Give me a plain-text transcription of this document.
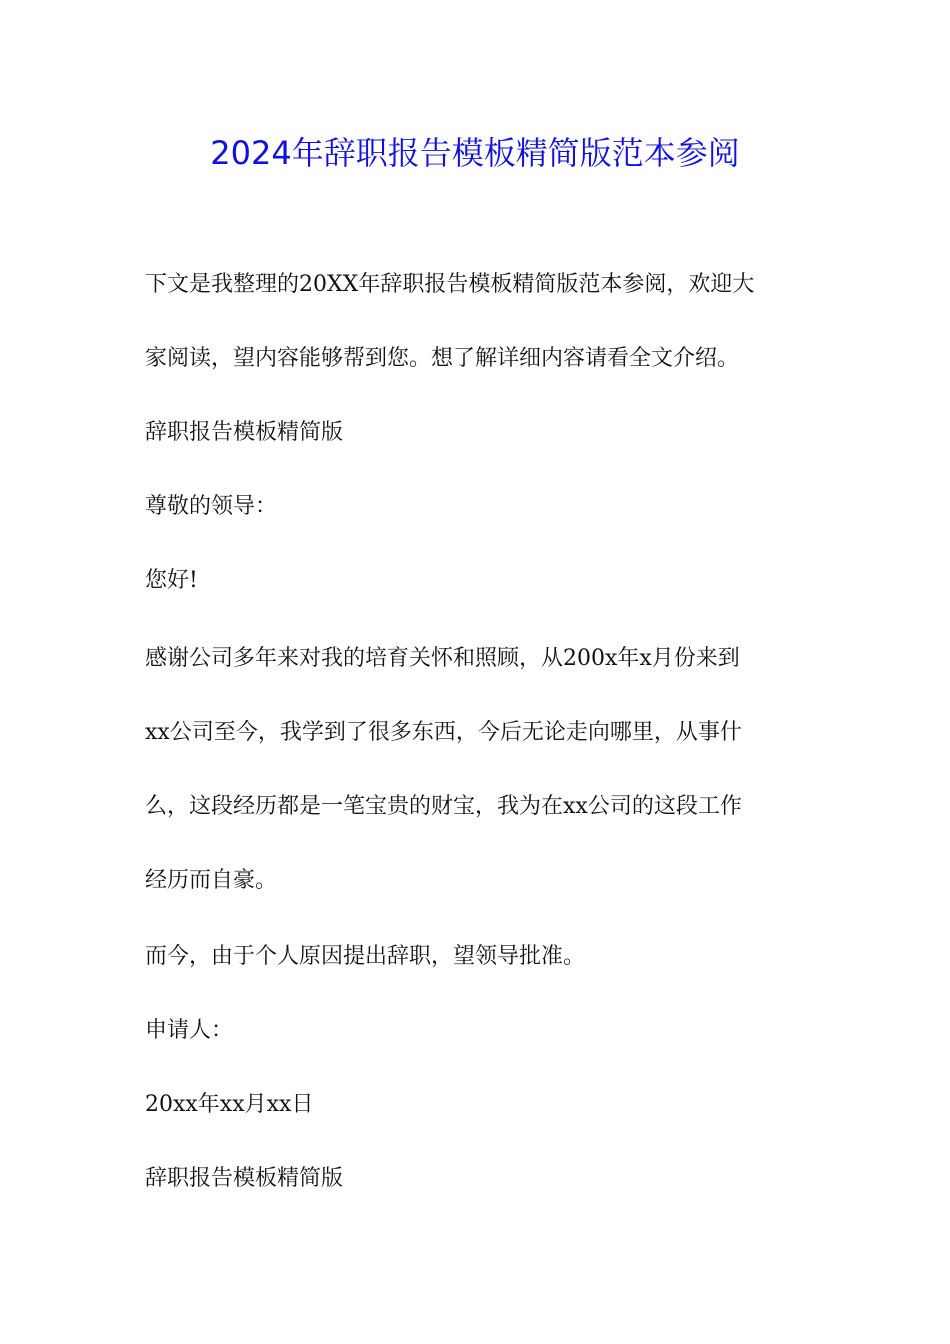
2024年辞职报告模板精简版范本参阅
下文是我整理的20XX年辞职报告模板精简版范本参阅，欢迎大
家阅读，望内容能够帮到您。想了解详细内容请看全文介绍。
辞职报告模板精简版
尊敬的领导：
您好!
感谢公司多年来对我的培育关怀和照顾，从200x年x月份来到
xx公司至今，我学到了很多东西，今后无论走向哪里，从事什
么，这段经历都是一笔宝贵的财宝，我为在xx公司的这段工作
经历而自豪。
而今，由于个人原因提出辞职，望领导批准。
申请人：
20xx年xx月xx日
辞职报告模板精简版
